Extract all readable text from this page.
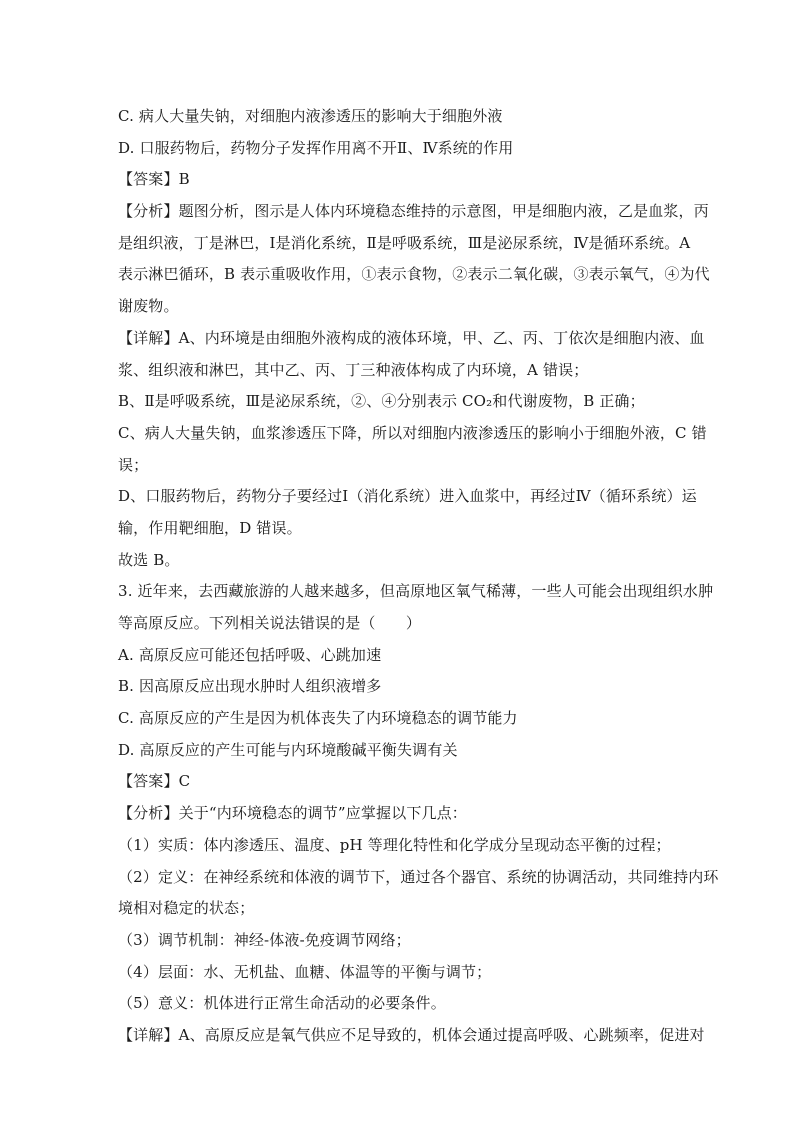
C. 病人大量失钠，对细胞内液渗透压的影响大于细胞外液
D. 口服药物后，药物分子发挥作用离不开Ⅱ、Ⅳ系统的作用
【答案】B
【分析】题图分析，图示是人体内环境稳态维持的示意图，甲是细胞内液，乙是血浆，丙
是组织液，丁是淋巴，Ⅰ是消化系统，Ⅱ是呼吸系统，Ⅲ是泌尿系统，Ⅳ是循环系统。A
表示淋巴循环，B 表示重吸收作用，①表示食物，②表示二氧化碳，③表示氧气，④为代
谢废物。
【详解】A、内环境是由细胞外液构成的液体环境，甲、乙、丙、丁依次是细胞内液、血
浆、组织液和淋巴，其中乙、丙、丁三种液体构成了内环境，A 错误；
B、Ⅱ是呼吸系统，Ⅲ是泌尿系统，②、④分别表示 CO₂和代谢废物，B 正确；
C、病人大量失钠，血浆渗透压下降，所以对细胞内液渗透压的影响小于细胞外液，C 错
误；
D、口服药物后，药物分子要经过Ⅰ（消化系统）进入血浆中，再经过Ⅳ（循环系统）运
输，作用靶细胞，D 错误。
故选 B。
3. 近年来，去西藏旅游的人越来越多，但高原地区氧气稀薄，一些人可能会出现组织水肿
等高原反应。下列相关说法错误的是（　　）
A. 高原反应可能还包括呼吸、心跳加速
B. 因高原反应出现水肿时人组织液增多
C. 高原反应的产生是因为机体丧失了内环境稳态的调节能力
D. 高原反应的产生可能与内环境酸碱平衡失调有关
【答案】C
【分析】关于“内环境稳态的调节”应掌握以下几点：
（1）实质：体内渗透压、温度、pH 等理化特性和化学成分呈现动态平衡的过程；
（2）定义：在神经系统和体液的调节下，通过各个器官、系统的协调活动，共同维持内环
境相对稳定的状态；
（3）调节机制：神经-体液-免疫调节网络；
（4）层面：水、无机盐、血糖、体温等的平衡与调节；
（5）意义：机体进行正常生命活动的必要条件。
【详解】A、高原反应是氧气供应不足导致的，机体会通过提高呼吸、心跳频率，促进对
